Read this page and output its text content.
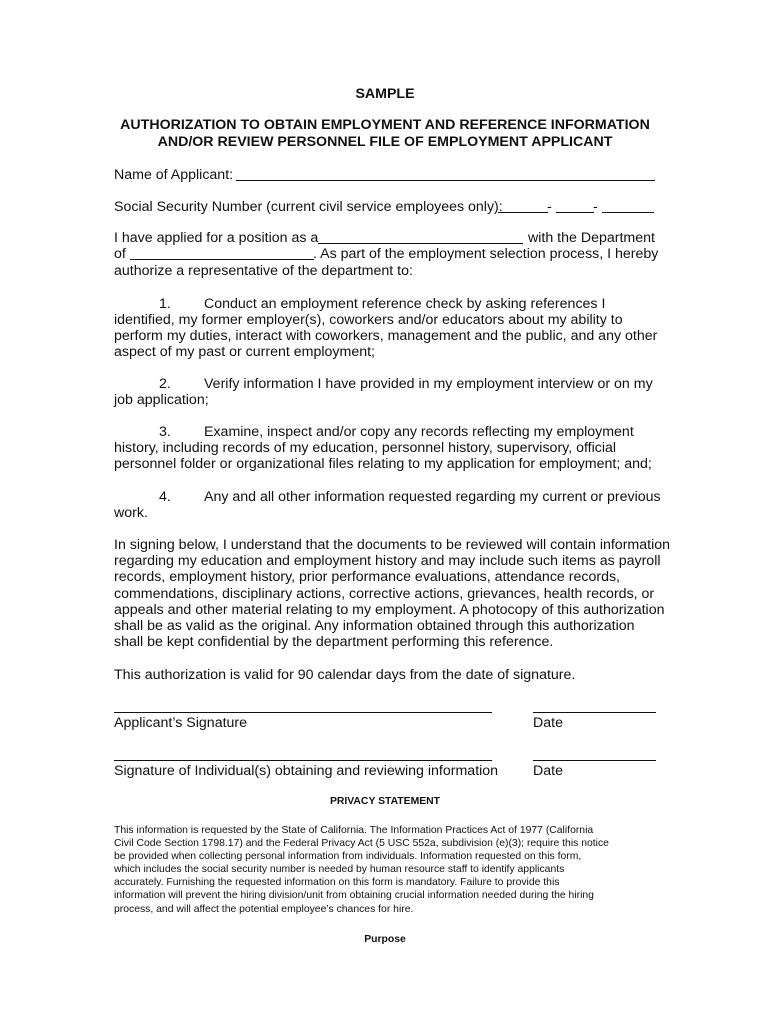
SAMPLE
AUTHORIZATION TO OBTAIN EMPLOYMENT AND REFERENCE INFORMATION
AND/OR REVIEW PERSONNEL FILE OF EMPLOYMENT APPLICANT
Name of Applicant:
Social Security Number (current civil service employees only):	-	-
I have applied for a position as a	with the Department
of	. As part of the employment selection process, I hereby
authorize a representative of the department to:
1. Conduct an employment reference check by asking references I
identified, my former employer(s), coworkers and/or educators about my ability to
perform my duties, interact with coworkers, management and the public, and any other
aspect of my past or current employment;
2. Verify information I have provided in my employment interview or on my
job application;
3. Examine, inspect and/or copy any records reflecting my employment
history, including records of my education, personnel history, supervisory, official
personnel folder or organizational files relating to my application for employment; and;
4. Any and all other information requested regarding my current or previous
work.
In signing below, I understand that the documents to be reviewed will contain information
regarding my education and employment history and may include such items as payroll
records, employment history, prior performance evaluations, attendance records,
commendations, disciplinary actions, corrective actions, grievances, health records, or
appeals and other material relating to my employment. A photocopy of this authorization
shall be as valid as the original. Any information obtained through this authorization
shall be kept confidential by the department performing this reference.
This authorization is valid for 90 calendar days from the date of signature.
Applicant’s Signature	Date
Signature of Individual(s) obtaining and reviewing information Date
PRIVACY STATEMENT
This information is requested by the State of California. The Information Practices Act of 1977 (California
Civil Code Section 1798.17) and the Federal Privacy Act (5 USC 552a, subdivision (e)(3); require this notice
be provided when collecting personal information from individuals. Information requested on this form,
which includes the social security number is needed by human resource staff to identify applicants
accurately. Furnishing the requested information on this form is mandatory. Failure to provide this
information will prevent the hiring division/unit from obtaining crucial information needed during the hiring
process, and will affect the potential employee’s chances for hire.
Purpose
